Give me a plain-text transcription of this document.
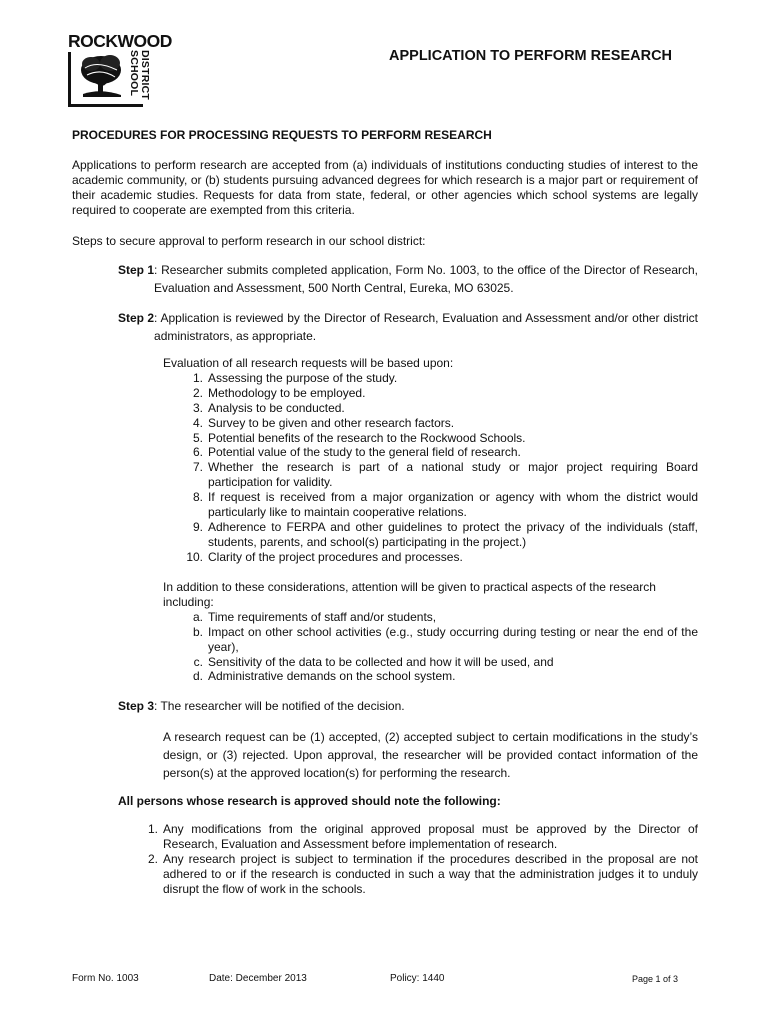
ROCKWOOD
SCHOOL DISTRICT	APPLICATION TO PERFORM RESEARCH
PROCEDURES FOR PROCESSING REQUESTS TO PERFORM RESEARCH

Applications to perform research are accepted from (a) individuals of institutions conducting studies of interest to the academic community, or (b) students pursuing advanced degrees for which research is a major part or requirement of their academic studies. Requests for data from state, federal, or other agencies which school systems are legally required to cooperate are exempted from this criteria.

Steps to secure approval to perform research in our school district:

Step 1 : Researcher submits completed application, Form No. 1003, to the office of the Director of Research, Evaluation and Assessment, 500 North Central, Eureka, MO 63025.
Step 2 : Application is reviewed by the Director of Research, Evaluation and Assessment and/or other district administrators, as appropriate.
Evaluation of all research requests will be based upon:
1. Assessing the purpose of the study.
2. Methodology to be employed.
3. Analysis to be conducted.
4. Survey to be given and other research factors.
5. Potential benefits of the research to the Rockwood Schools.
6. Potential value of the study to the general field of research.
7. Whether the research is part of a national study or major project requiring Board participation for validity.
8. If request is received from a major organization or agency with whom the district would particularly like to maintain cooperative relations.
9. Adherence to FERPA and other guidelines to protect the privacy of the individuals (staff, students, parents, and school(s) participating in the project.)
10. Clarity of the project procedures and processes.
In addition to these considerations, attention will be given to practical aspects of the research including:
a. Time requirements of staff and/or students,
b. Impact on other school activities (e.g., study occurring during testing or near the end of the year),
c. Sensitivity of the data to be collected and how it will be used, and
d. Administrative demands on the school system.
Step 3 : The researcher will be notified of the decision.

A research request can be (1) accepted, (2) accepted subject to certain modifications in the study’s design, or (3) rejected. Upon approval, the researcher will be provided contact information of the person(s) at the approved location(s) for performing the research.

All persons whose research is approved should note the following:
1. Any modifications from the original approved proposal must be approved by the Director of Research, Evaluation and Assessment before implementation of research.
2. Any research project is subject to termination if the procedures described in the proposal are not adhered to or if the research is conducted in such a way that the administration judges it to unduly disrupt the flow of work in the schools.
Form No. 1003	Date: December 2013	Policy: 1440	Page 1 of 3
